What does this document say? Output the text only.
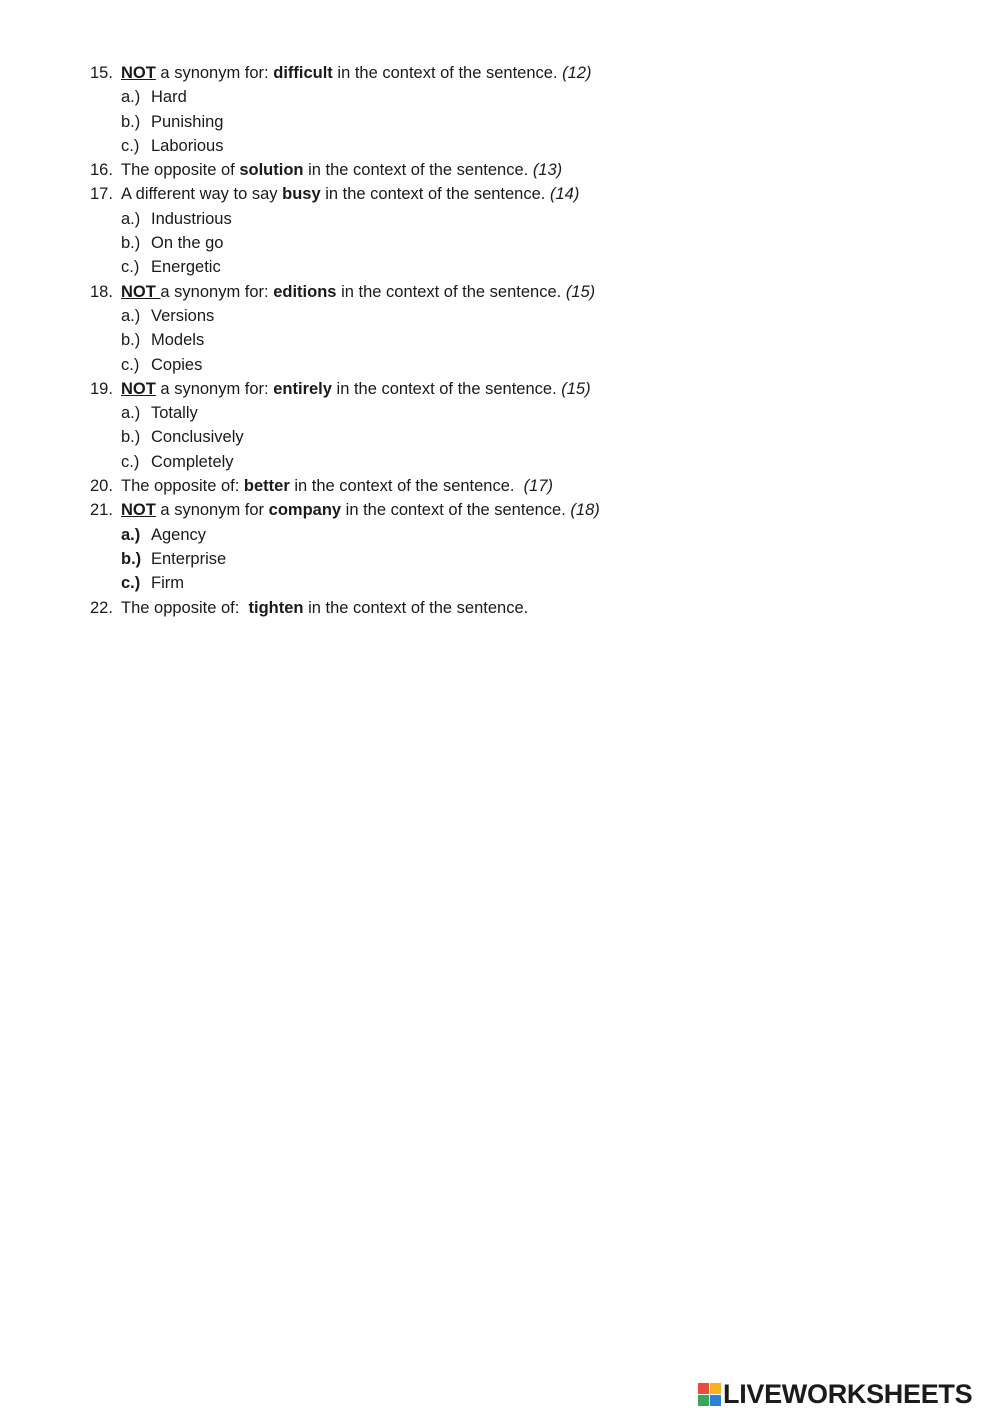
15. NOT a synonym for: difficult in the context of the sentence. (12)
a.) Hard
b.) Punishing
c.) Laborious
16. The opposite of solution in the context of the sentence. (13)
17. A different way to say busy in the context of the sentence. (14)
a.) Industrious
b.) On the go
c.) Energetic
18. NOT a synonym for: editions in the context of the sentence. (15)
a.) Versions
b.) Models
c.) Copies
19. NOT a synonym for: entirely in the context of the sentence. (15)
a.) Totally
b.) Conclusively
c.) Completely
20. The opposite of: better in the context of the sentence.  (17)
21. NOT a synonym for company in the context of the sentence. (18)
a.) Agency
b.) Enterprise
c.) Firm
22. The opposite of:  tighten in the context of the sentence.
LIVEWORKSHEETS
